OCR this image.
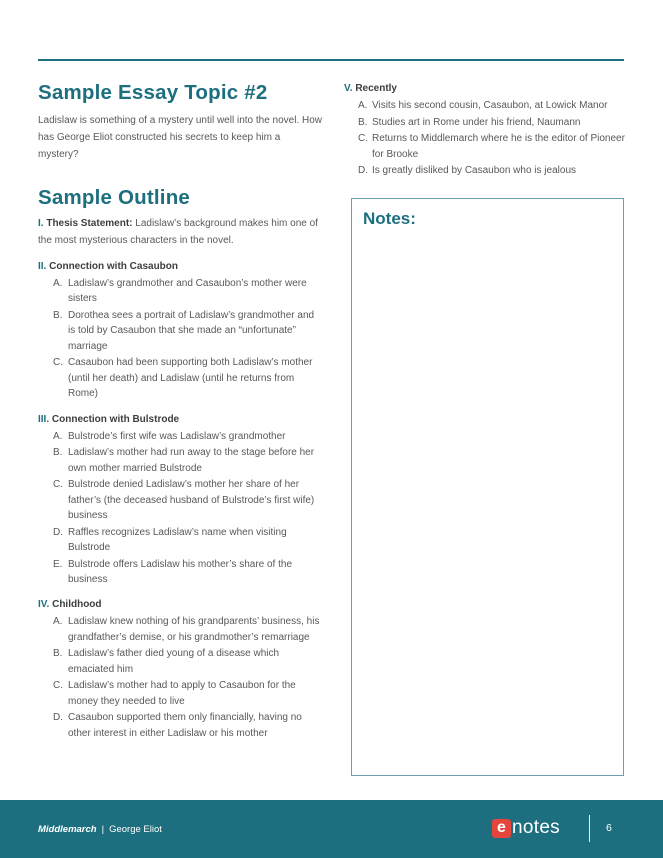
Sample Essay Topic #2

Ladislaw is something of a mystery until well into the novel. How has George Eliot constructed his secrets to keep him a mystery?

Sample Outline

I. Thesis Statement: Ladislaw’s background makes him one of the most mysterious characters in the novel.

II. Connection with Casaubon
A. Ladislaw’s grandmother and Casaubon’s mother were sisters
B. Dorothea sees a portrait of Ladislaw’s grandmother and is told by Casaubon that she made an “unfortunate” marriage
C. Casaubon had been supporting both Ladislaw’s mother (until her death) and Ladislaw (until he returns from Rome)
III. Connection with Bulstrode
A. Bulstrode’s first wife was Ladislaw’s grandmother
B. Ladislaw’s mother had run away to the stage before her own mother married Bulstrode
C. Bulstrode denied Ladislaw’s mother her share of her father’s (the deceased husband of Bulstrode’s first wife) business
D. Raffles recognizes Ladislaw’s name when visiting Bulstrode
E. Bulstrode offers Ladislaw his mother’s share of the business
IV. Childhood
A. Ladislaw knew nothing of his grandparents’ business, his grandfather’s demise, or his grandmother’s remarriage
B. Ladislaw’s father died young of a disease which emaciated him
C. Ladislaw’s mother had to apply to Casaubon for the money they needed to live
D. Casaubon supported them only financially, having no other interest in either Ladislaw or his mother
V. Recently
A. Visits his second cousin, Casaubon, at Lowick Manor
B. Studies art in Rome under his friend, Naumann
C. Returns to Middlemarch where he is the editor of Pioneer for Brooke
D. Is greatly disliked by Casaubon who is jealous
Notes:
Middlemarch | George Eliot	e notes	6
